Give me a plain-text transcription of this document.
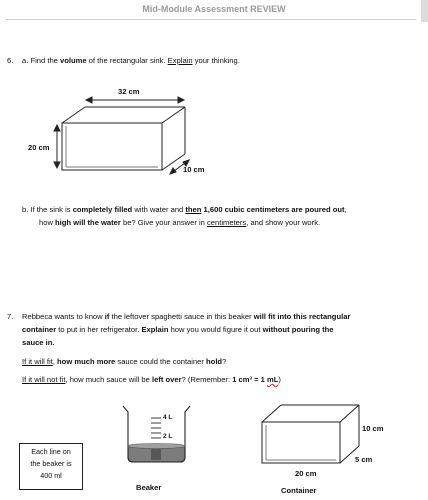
Mid-Module Assessment REVIEW
6. a. Find the volume of the rectangular sink. Explain your thinking.
32 cm
20 cm
10 cm
b. If the sink is completely filled with water and then 1,600 cubic centimeters are poured out,
how high will the water be? Give your answer in centimeters, and show your work.
7. Rebbeca wants to know if the leftover spaghetti sauce in this beaker will fit into this rectangular
container to put in her refrigerator. Explain how you would figure it out without pouring the
sauce in.
If it will fit, how much more sauce could the container hold?
If it will not fit, how much sauce will be left over? (Remember: 1 cm³ = 1 mL)
Each line on
the beaker is
400 ml
4 L
2 L
Beaker
10 cm
5 cm
20 cm
Container
